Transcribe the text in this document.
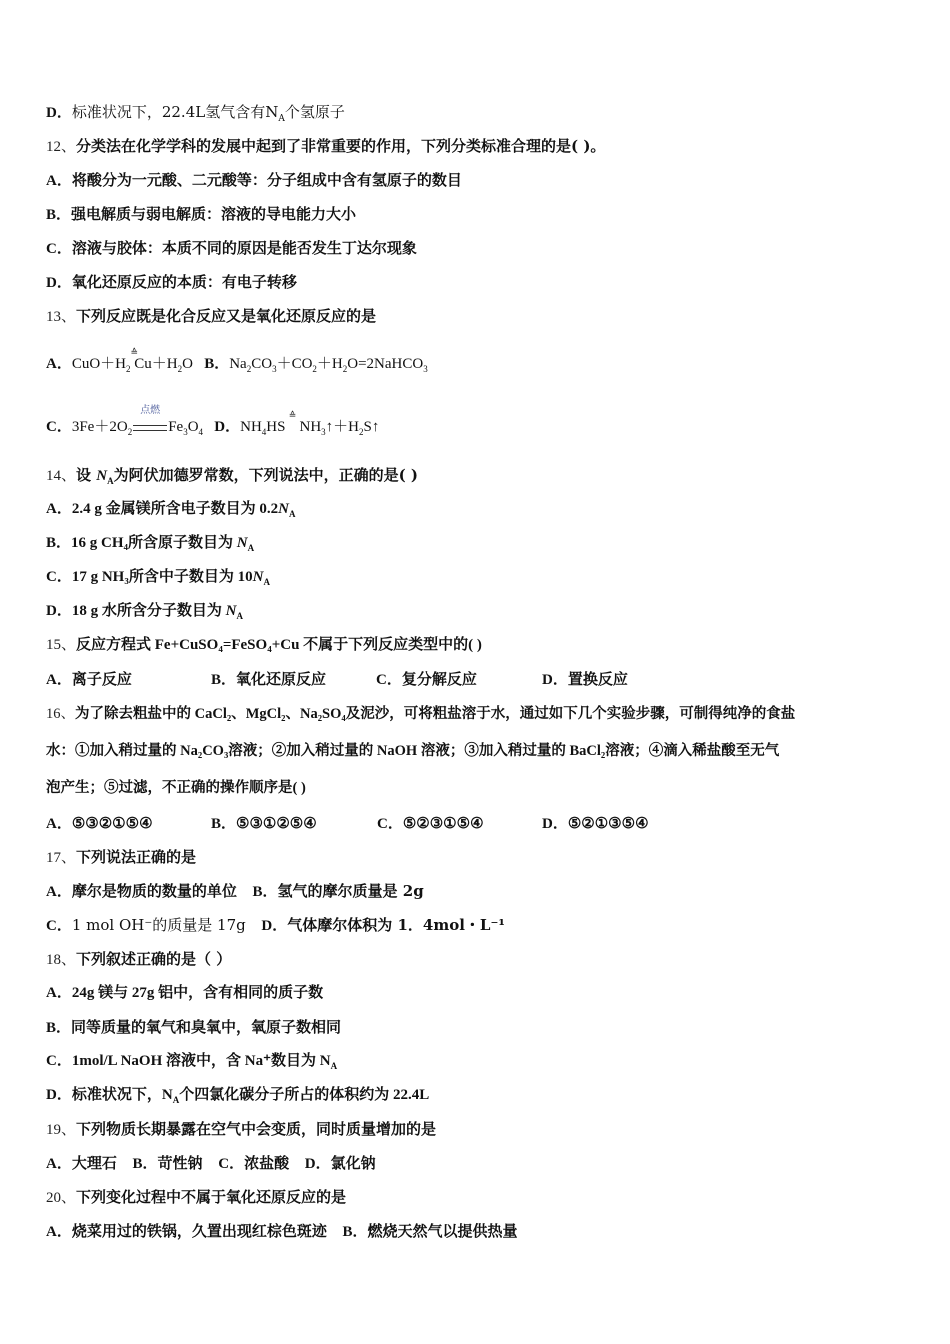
D．标准状况下，22.4L氢气含有$N_A$个氢原子
12、分类法在化学学科的发展中起到了非常重要的作用，下列分类标准合理的是( )。
A．将酸分为一元酸、二元酸等：分子组成中含有氢原子的数目
B．强电解质与弱电解质：溶液的导电能力大小
C．溶液与胶体：本质不同的原因是能否发生丁达尔现象
D．氧化还原反应的本质：有电子转移
13、下列反应既是化合反应又是氧化还原反应的是
A．$CuO+H_2$
≙
$Cu+H_2O$ B．$Na_2CO_3+CO_2+H_2O=2NaHCO_3$
C．$3Fe+2O_2$
点燃
$Fe_3O_4$ D．$NH_4HS$
≙
$NH_3↑+H_2S↑$
14、设 $N_A$为阿伏加德罗常数，下列说法中，正确的是( )
A．2.4 g 金属镁所含电子数目为 $0.2N_A$
B．16 g CH₄所含原子数目为 $N_A$
C．17 g NH₃所含中子数目为 $10N_A$
D．18 g 水所含分子数目为 $N_A$
15、反应方程式 Fe+CuSO₄=FeSO₄+Cu 不属于下列反应类型中的( )
A．离子反应	B．氧化还原反应	C．复分解反应	D．置换反应
16、为了除去粗盐中的 CaCl₂、MgCl₂、Na₂SO₄及泥沙，可将粗盐溶于水，通过如下几个实验步骤，可制得纯净的食盐
水：①加入稍过量的 Na₂CO₃溶液；②加入稍过量的 NaOH 溶液；③加入稍过量的 BaCl₂溶液；④滴入稀盐酸至无气
泡产生；⑤过滤，不正确的操作顺序是( )
A．⑤③②①⑤④	B．⑤③①②⑤④	C．⑤②③①⑤④	D．⑤②①③⑤④
17、下列说法正确的是
A．摩尔是物质的数量的单位 B．氢气的摩尔质量是 2g
C．1 mol OH⁻的质量是 17g D．气体摩尔体积为 1．4mol・L⁻¹
18、下列叙述正确的是（ ）
A．24g 镁与 27g 铝中，含有相同的质子数
B．同等质量的氧气和臭氧中，氧原子数相同
C．1mol/L NaOH 溶液中，含 Na⁺数目为 $N_A$
D．标准状况下，$N_A$个四氯化碳分子所占的体积约为 22.4L
19、下列物质长期暴露在空气中会变质，同时质量增加的是
A．大理石 B．苛性钠 C．浓盐酸 D．氯化钠
20、下列变化过程中不属于氧化还原反应的是
A．烧菜用过的铁锅，久置出现红棕色斑迹 B．燃烧天然气以提供热量
